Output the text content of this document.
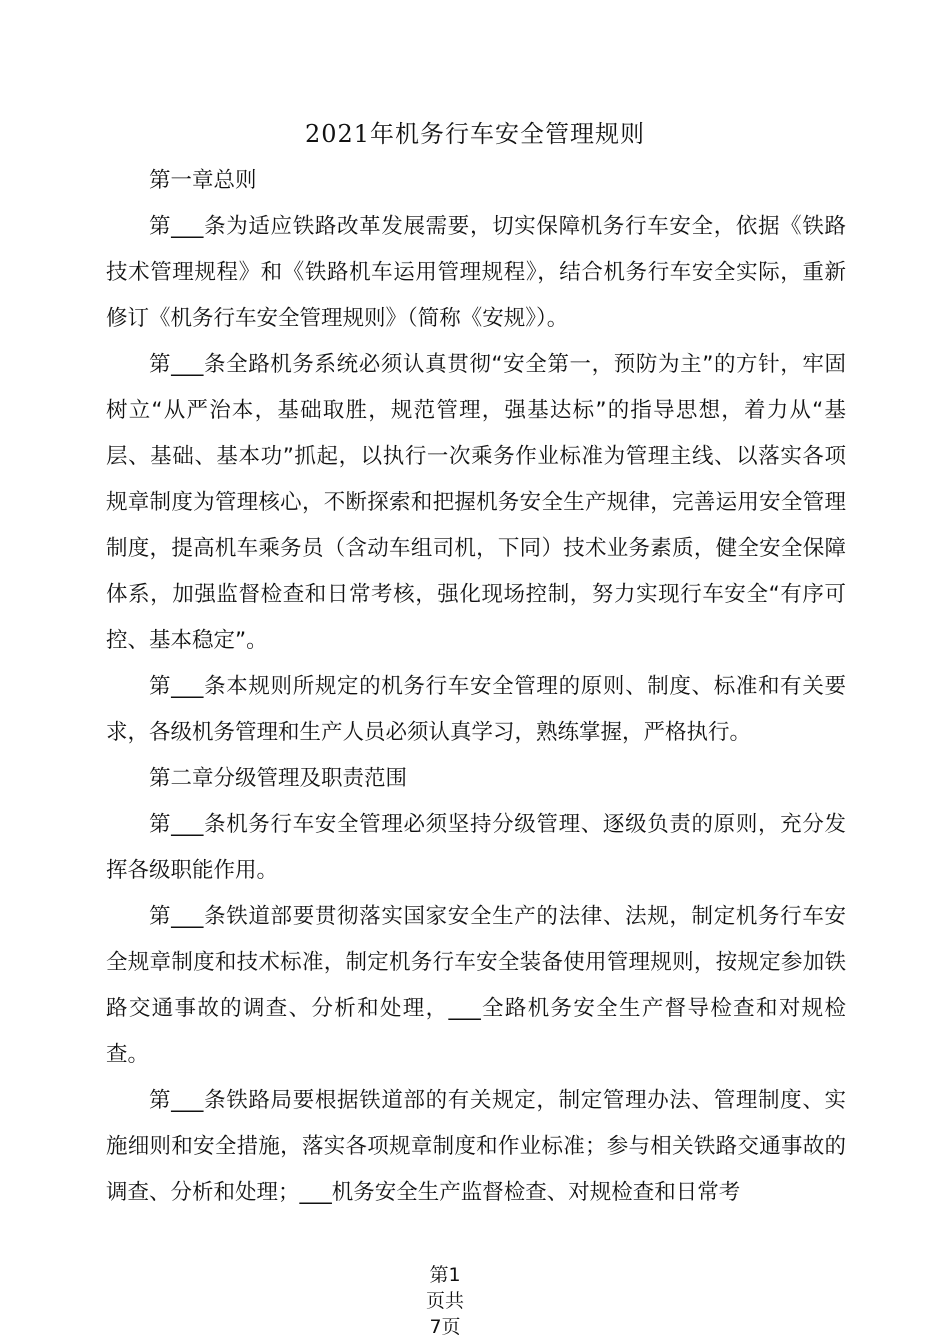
2021年机务行车安全管理规则

第一章总则

第___条为适应铁路改革发展需要，切实保障机务行车安全，依据《铁路技术管理规程》和《铁路机车运用管理规程》，结合机务行车安全实际，重新修订《机务行车安全管理规则》（简称《安规》）。

第___条全路机务系统必须认真贯彻“安全第一，预防为主”的方针，牢固树立“从严治本，基础取胜，规范管理，强基达标”的指导思想，着力从“基层、基础、基本功”抓起，以执行一次乘务作业标准为管理主线、以落实各项规章制度为管理核心，不断探索和把握机务安全生产规律，完善运用安全管理制度，提高机车乘务员（含动车组司机，下同）技术业务素质，健全安全保障体系，加强监督检查和日常考核，强化现场控制，努力实现行车安全“有序可控、基本稳定”。

第___条本规则所规定的机务行车安全管理的原则、制度、标准和有关要求，各级机务管理和生产人员必须认真学习，熟练掌握，严格执行。

第二章分级管理及职责范围

第___条机务行车安全管理必须坚持分级管理、逐级负责的原则，充分发挥各级职能作用。

第___条铁道部要贯彻落实国家安全生产的法律、法规，制定机务行车安全规章制度和技术标准，制定机务行车安全装备使用管理规则，按规定参加铁路交通事故的调查、分析和处理，___全路机务安全生产督导检查和对规检查。

第___条铁路局要根据铁道部的有关规定，制定管理办法、管理制度、实施细则和安全措施，落实各项规章制度和作业标准；参与相关铁路交通事故的调查、分析和处理；___机务安全生产监督检查、对规检查和日常考

第1
页共
7页
